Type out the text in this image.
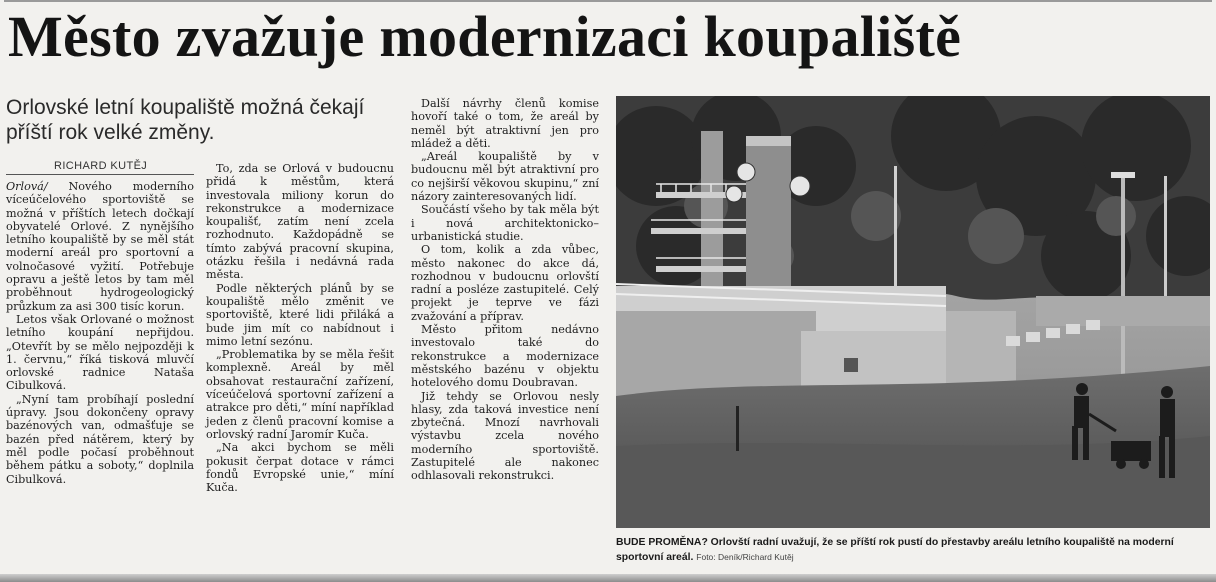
Město zvažuje modernizaci koupaliště
Orlovské letní koupaliště možná čekají příští rok velké změny.
RICHARD KUTĚJ

Orlová/ Nového moderního víceúčelového sportoviště se možná v příštích letech dočkají obyvatelé Orlové. Z nynějšího letního koupaliště by se měl stát moderní areál pro sportovní a volnočasové vyžití. Potřebuje opravu a ještě letos by tam měl proběhnout hydrogeologický průzkum za asi 300 tisíc korun.

Letos však Orlované o možnost letního koupání nepřijdou. „Otevřít by se mělo nejpozději k 1. červnu,“ říká tisková mluvčí orlovské radnice Nataša Cibulková.

„Nyní tam probíhají poslední úpravy. Jsou dokončeny opravy bazénových van, odmašťuje se bazén před nátěrem, který by měl podle počasí proběhnout během pátku a soboty,“ doplnila Cibulková.

To, zda se Orlová v budoucnu přidá k městům, která investovala miliony korun do rekonstrukce a modernizace koupališť, zatím není zcela rozhodnuto. Každopádně se tímto zabývá pracovní skupina, otázku řešila i nedávná rada města.

Podle některých plánů by se koupaliště mělo změnit ve sportoviště, které lidi přiláká a bude jim mít co nabídnout i mimo letní sezónu.

„Problematika by se měla řešit komplexně. Areál by měl obsahovat restaurační zařízení, víceúčelová sportovní zařízení a atrakce pro děti,“ míní například jeden z členů pracovní komise a orlovský radní Jaromír Kuča.

„Na akci bychom se měli pokusit čerpat dotace v rámci fondů Evropské unie,“ míní Kuča.

Další návrhy členů komise hovoří také o tom, že areál by neměl být atraktivní jen pro mládež a děti.

„Areál koupaliště by v budoucnu měl být atraktivní pro co nejširší věkovou skupinu,“ zní názory zainteresovaných lidí.

Součástí všeho by tak měla být i nová architektonicko–urbanistická studie.

O tom, kolik a zda vůbec, město nakonec do akce dá, rozhodnou v budoucnu orlovští radní a posléze zastupitelé. Celý projekt je teprve ve fázi zvažování a příprav.

Město přitom nedávno investovalo také do rekonstrukce a modernizace městského bazénu v objektu hotelového domu Doubravan.

Již tehdy se Orlovou nesly hlasy, zda taková investice není zbytečná. Mnozí navrhovali výstavbu zcela nového moderního sportoviště. Zastupitelé ale nakonec odhlasovali rekonstrukci.

BUDE PROMĚNA? Orlovští radní uvažují, že se příští rok pustí do přestavby areálu letního koupaliště na moderní sportovní areál. Foto: Deník/Richard Kutěj
